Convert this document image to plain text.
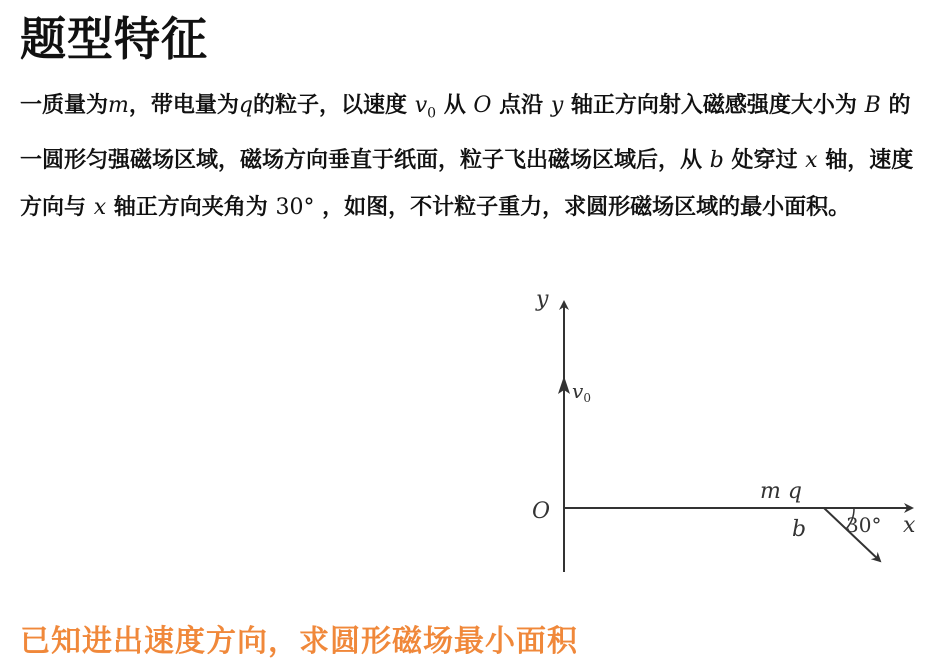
题型特征
一质量为m，带电量为q的粒子，以速度 $v_0$ 从 O 点沿 y 轴正方向射入磁感强度大小为 B 的一圆形匀强磁场区域，磁场方向垂直于纸面，粒子飞出磁场区域后，从 b 处穿过 x 轴，速度方向与 x 轴正方向夹角为 30° ，如图，不计粒子重力，求圆形磁场区域的最小面积。
y
x
O
$v_0$
m q
b 30°
已知进出速度方向，求圆形磁场最小面积
